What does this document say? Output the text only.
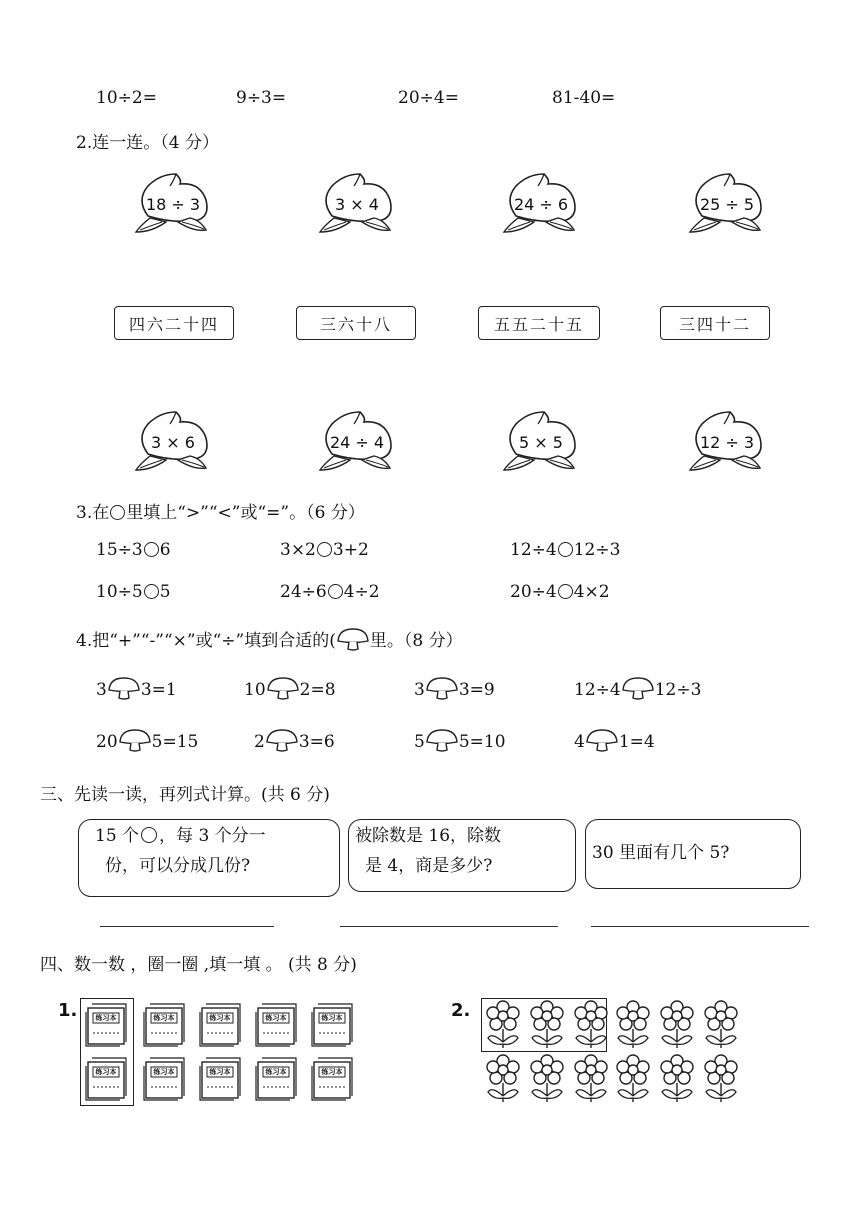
10÷2=	9÷3=	20÷4=	81-40=
2.连一连。（4 分）
18 ÷ 3	3 × 4	24 ÷ 6	25 ÷ 5
四六二十四	三六十八	五五二十五	三四十二
3 × 6	24 ÷ 4	5 × 5	12 ÷ 3
3.在 里填上“>”“<”或“=”。（6 分）
15÷3 6	3×2 3+2	12÷4 12÷3
10÷5 5	24÷6 4÷2	20÷4 4×2
4.把“+”“-”“×”或“÷”填到合适的( 里。（8 分）
3 3=1	10 2=8	3 3=9	12÷4 12÷3
20 5=15	2 3=6	5 5=10	4 1=4
三、先读一读，再列式计算。(共 6 分)
15 个 ，每 3 个分一
份，可以分成几份?
被除数是 16，除数
是 4，商是多少?
30 里面有几个 5?
四、数一数 ，圈一圈 ,填一填 。 (共 8 分)
1.	练习本	练习本	练习本	练习本	练习本
练习本	练习本	练习本	练习本	练习本
2.
